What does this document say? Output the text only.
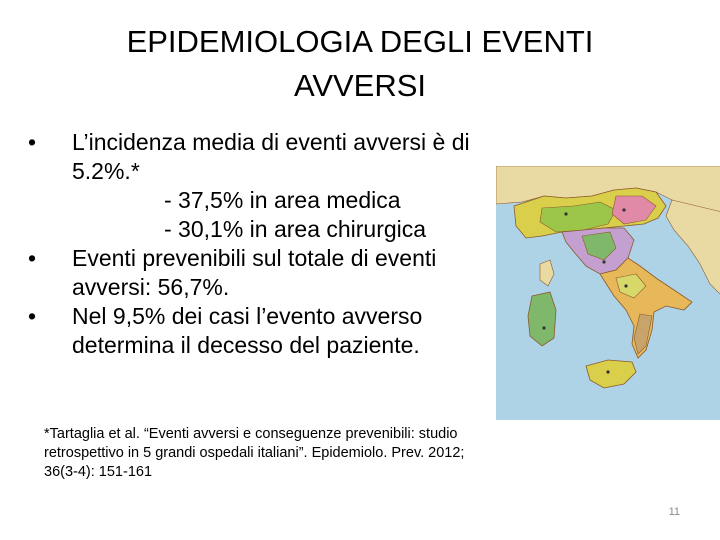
EPIDEMIOLOGIA DEGLI EVENTI
AVVERSI
•	L’incidenza media di eventi avversi è di
5.2%.*
- 37,5% in area medica
- 30,1% in area chirurgica
•	Eventi prevenibili sul totale di eventi
avversi: 56,7%.
•	Nel 9,5% dei casi l’evento avverso
determina il decesso del paziente.
*Tartaglia et al. “Eventi avversi e conseguenze prevenibili: studio
retrospettivo in 5 grandi ospedali italiani”. Epidemiolo. Prev. 2012;
36(3-4): 151-161
11
